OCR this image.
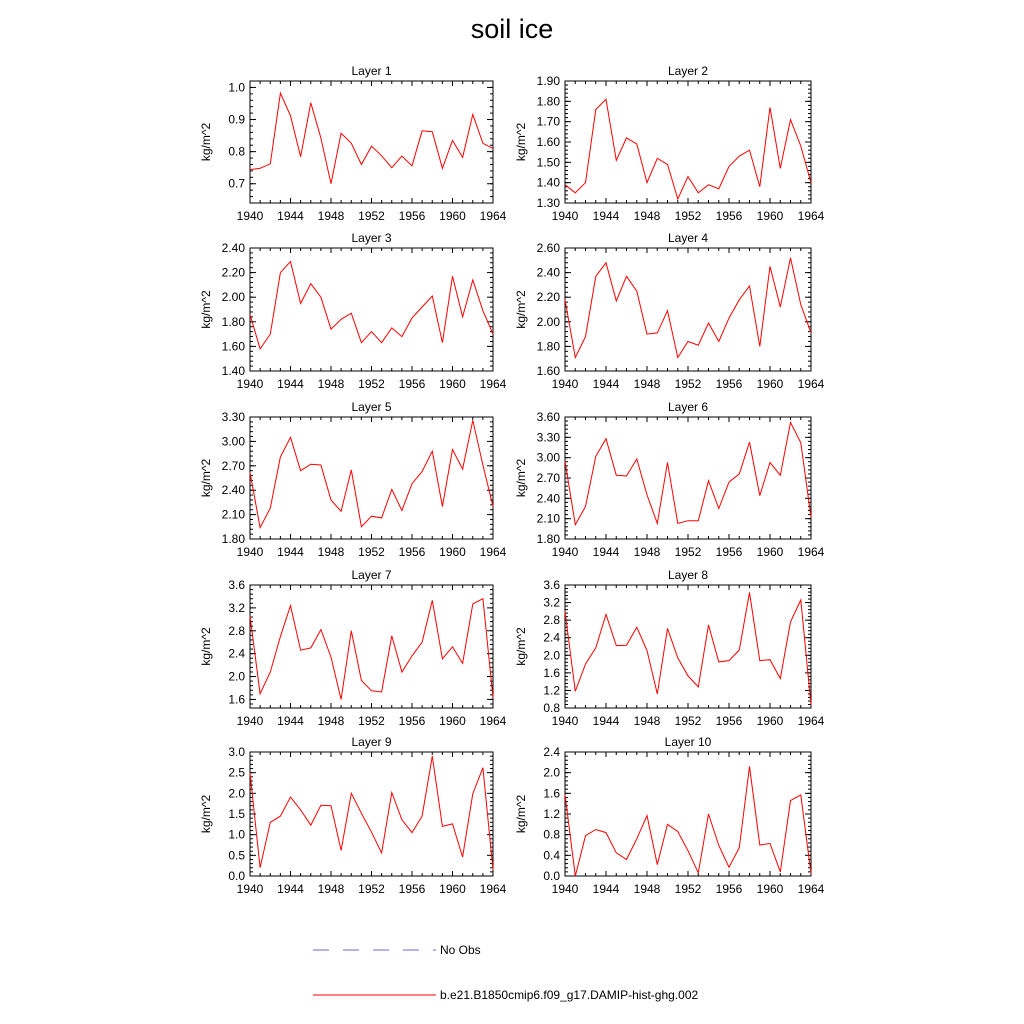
soil ice
Layer 1
kg/m^2
1940 1944 1948 1952 1956 1960 1964
0.7
0.8
0.9
1.0
Layer 2
kg/m^2
1940 1944 1948 1952 1956 1960 1964
1.30
1.40
1.50
1.60
1.70
1.80
1.90
Layer 3
kg/m^2
1940 1944 1948 1952 1956 1960 1964
1.40
1.60
1.80
2.00
2.20
2.40
Layer 4
kg/m^2
1940 1944 1948 1952 1956 1960 1964
1.60
1.80
2.00
2.20
2.40
2.60
Layer 5
kg/m^2
1940 1944 1948 1952 1956 1960 1964
1.80
2.10
2.40
2.70
3.00
3.30
Layer 6
kg/m^2
1940 1944 1948 1952 1956 1960 1964
1.80
2.10
2.40
2.70
3.00
3.30
3.60
Layer 7
kg/m^2
1940 1944 1948 1952 1956 1960 1964
1.6
2.0
2.4
2.8
3.2
3.6
Layer 8
kg/m^2
1940 1944 1948 1952 1956 1960 1964
0.8
1.2
1.6
2.0
2.4
2.8
3.2
3.6
Layer 9
kg/m^2
1940 1944 1948 1952 1956 1960 1964
0.0
0.5
1.0
1.5
2.0
2.5
3.0
Layer 10
kg/m^2
1940 1944 1948 1952 1956 1960 1964
0.0
0.4
0.8
1.2
1.6
2.0
2.4
No Obs
b.e21.B1850cmip6.f09_g17.DAMIP-hist-ghg.002
